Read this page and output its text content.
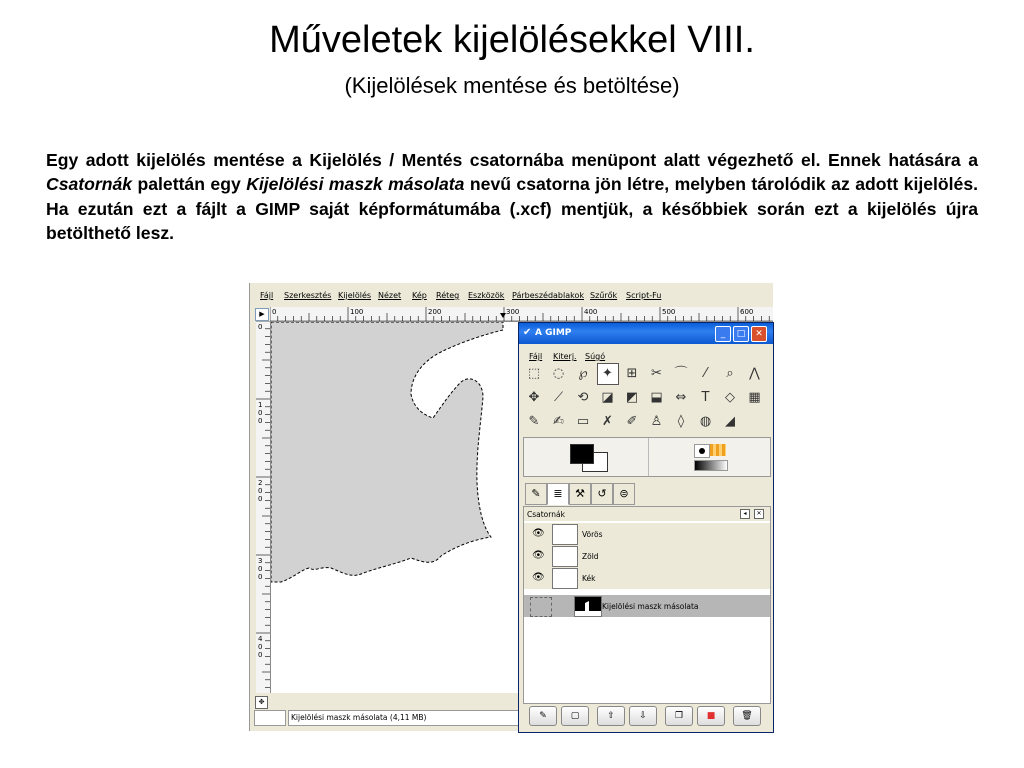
Műveletek kijelölésekkel VIII.
(Kijelölések mentése és betöltése)
Egy adott kijelölés mentése a Kijelölés / Mentés csatornába menüpont alatt végezhető el. Ennek hatására a Csatornák palettán egy Kijelölési maszk másolata nevű csatorna jön létre, melyben tárolódik az adott kijelölés. Ha ezután ezt a fájlt a GIMP saját képformátumába (.xcf) mentjük, a későbbiek során ezt a kijelölés újra betölthető lesz.
Fájl Szerkesztés Kijelölés Nézet Kép Réteg Eszközök Párbeszédablakok Szűrők Script-Fu
▶	0	100	200	300	400	500	600
0
1
0
0
2
0
0
3
0
0
4
0
0
✥
Kijelölési maszk másolata (4,11 MB)
✔ A GIMP	_	□	✕
Fájl Kiterj. Súgó
⬚ ◌	℘	✦	⊞	✂ ⌒	⁄	⌕	⋀
✥	⟋	⟲ ◪ ◩ ⬓ ⇔	T	◇	▦
✎	✍ ▭ ✗	✐	♙	◊	◍	◢
✎	≣	⚒	↺	⊜
Csatornák	◂	✕
👁	Vörös
👁	Zöld
👁	Kék
Kijelölési maszk másolata
✎	▢	⇧	⇩	❐	■	🗑
